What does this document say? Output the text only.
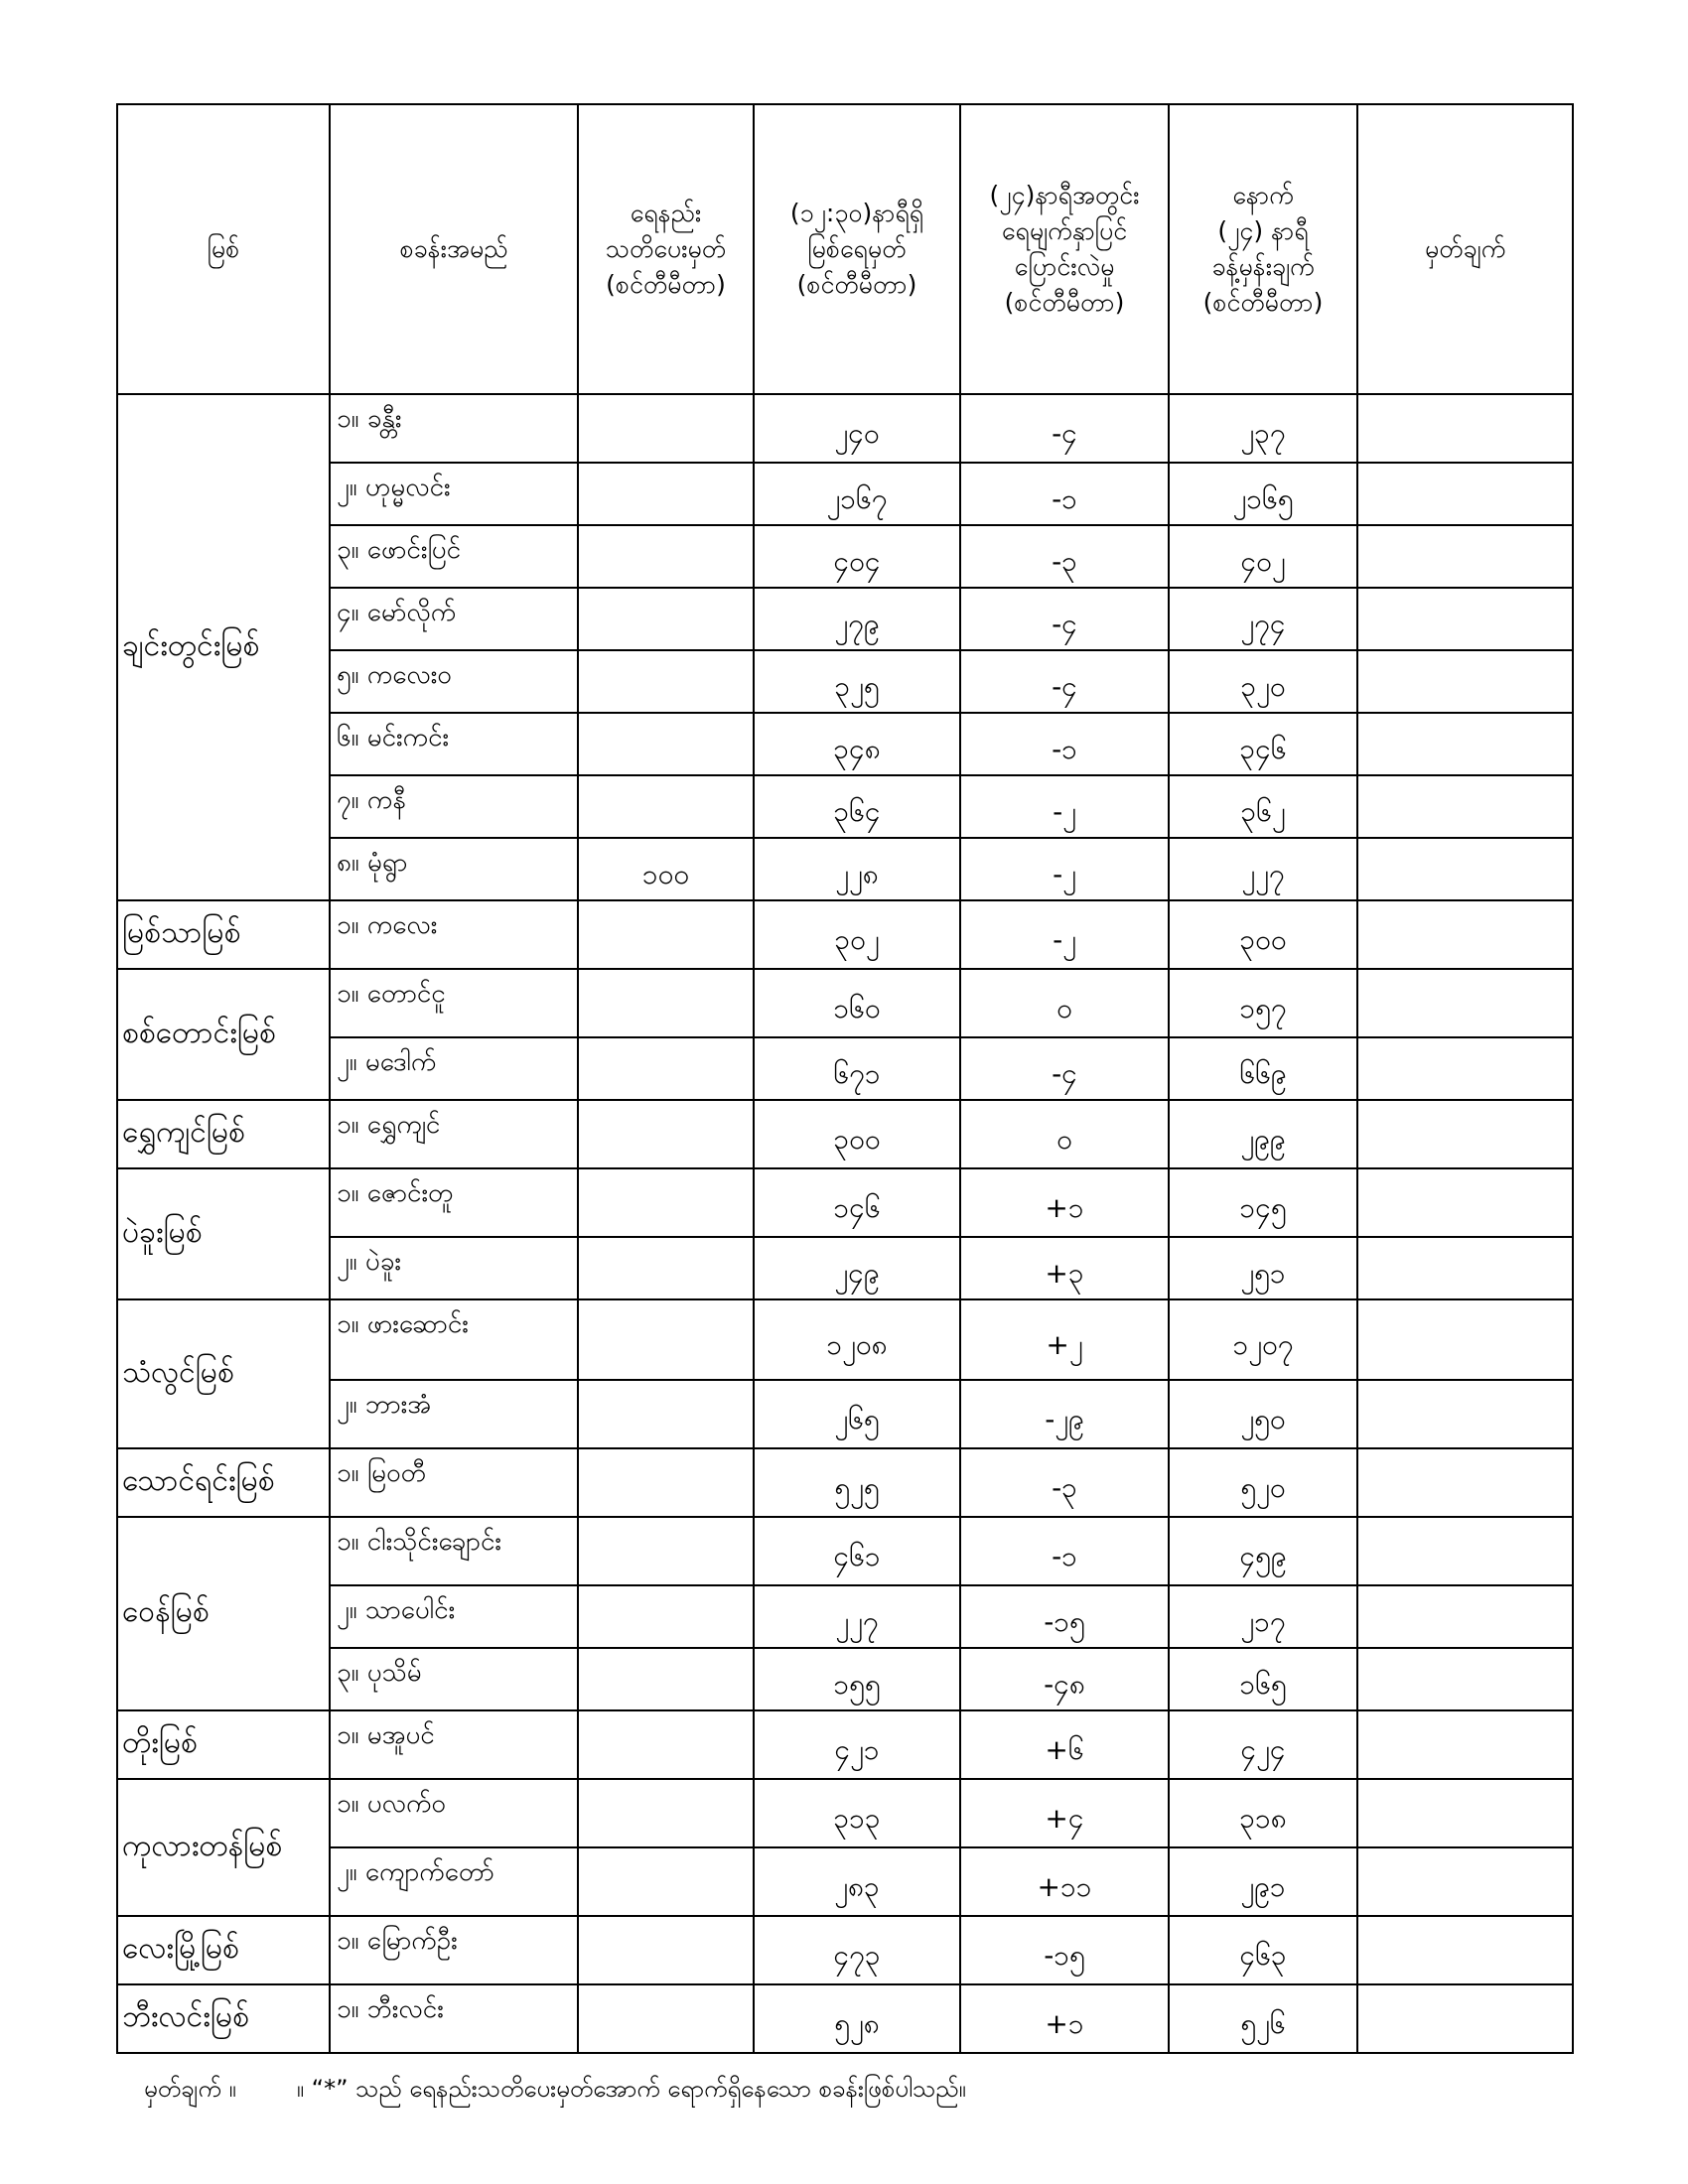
မြစ်	စခန်းအမည်	ရေနည်း
သတိပေးမှတ်
(စင်တီမီတာ)	(၁၂:၃၀)နာရီရှိ
မြစ်ရေမှတ်
(စင်တီမီတာ)	(၂၄)နာရီအတွင်း
ရေမျက်နှာပြင်
ပြောင်းလဲမှု
(စင်တီမီတာ)	နောက်
(၂၄) နာရီ
ခန့်မှန်းချက်
(စင်တီမီတာ)	မှတ်ချက်
ချင်းတွင်းမြစ်	၁။ ခန္တီး		၂၄၀	-၄	၂၃၇	
	၂။ ဟုမ္မလင်း		၂၁၆၇	-၁	၂၁၆၅	
	၃။ ဖောင်းပြင်		၄၀၄	-၃	၄၀၂	
	၄။ မော်လိုက်		၂၇၉	-၄	၂၇၄	
	၅။ ကလေးဝ		၃၂၅	-၄	၃၂၀	
	၆။ မင်းကင်း		၃၄၈	-၁	၃၄၆	
	၇။ ကနီ		၃၆၄	-၂	၃၆၂	
	၈။ မုံရွာ	၁၀၀	၂၂၈	-၂	၂၂၇	
မြစ်သာမြစ်	၁။ ကလေး		၃၀၂	-၂	၃၀၀	
စစ်တောင်းမြစ်	၁။ တောင်ငူ		၁၆၀	၀	၁၅၇	
	၂။ မဒေါက်		၆၇၁	-၄	၆၆၉	
ရွှေကျင်မြစ်	၁။ ရွှေကျင်		၃၀၀	၀	၂၉၉	
ပဲခူးမြစ်	၁။ ဇောင်းတူ		၁၄၆	+၁	၁၄၅	
	၂။ ပဲခူး		၂၄၉	+၃	၂၅၁	
သံလွင်မြစ်	၁။ ဖားဆောင်း		၁၂၀၈	+၂	၁၂၀၇	
	၂။ ဘားအံ		၂၆၅	-၂၉	၂၅၀	
သောင်ရင်းမြစ်	၁။ မြဝတီ		၅၂၅	-၃	၅၂၀	
ဝေန်မြစ်	၁။ ငါးသိုင်းချောင်း		၄၆၁	-၁	၄၅၉	
	၂။ သာပေါင်း		၂၂၇	-၁၅	၂၁၇	
	၃။ ပုသိမ်		၁၅၅	-၄၈	၁၆၅	
တိုးမြစ်	၁။ မအူပင်		၄၂၁	+၆	၄၂၄	
ကုလားတန်မြစ်	၁။ ပလက်ဝ		၃၁၃	+၄	၃၁၈	
	၂။ ကျောက်တော်		၂၈၃	+၁၁	၂၉၁	
လေးမြို့မြစ်	၁။ မြောက်ဦး		၄၇၃	-၁၅	၄၆၃	
ဘီးလင်းမြစ်	၁။ ဘီးလင်း		၅၂၈	+၁	၅၂၆	
မှတ်ချက် ။        ။ “*” သည် ရေနည်းသတိပေးမှတ်အောက် ရောက်ရှိနေသော စခန်းဖြစ်ပါသည်။
